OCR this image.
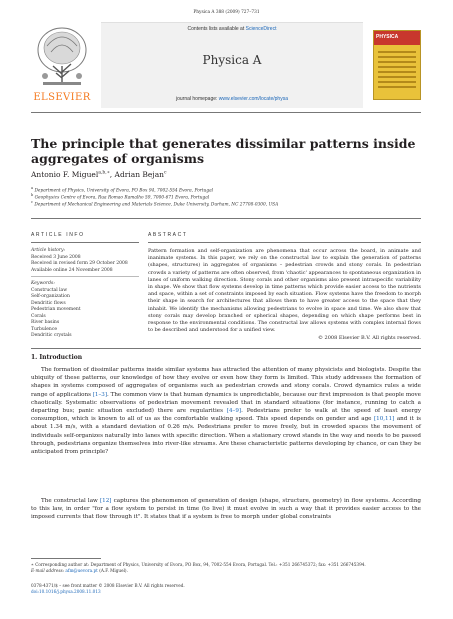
Physica A 388 (2009) 727–731
ELSEVIER
Contents lists available at ScienceDirect
Physica A
journal homepage: www.elsevier.com/locate/physa
PHYSICA
The principle that generates dissimilar patterns inside aggregates of organisms
Antonio F. Miguel$^{a,b,∗}$, Adrian Bejan$^c$
$^a$ Department of Physics, University of Evora, PO Box 94, 7002-554 Evora, Portugal
$^b$ Geophysics Centre of Evora, Rua Romao Ramalho 59, 7000-671 Evora, Portugal
$^c$ Department of Mechanical Engineering and Materials Science, Duke University, Durham, NC 27708-0300, USA
ARTICLE INFO	ABSTRACT
Article history:
Received 3 June 2008
Received in revised form 29 October 2008
Available online 24 November 2008
Keywords:
Constructal law
Self-organization
Dendritic flows
Pedestrian movement
Corals
River basins
Turbulence
Dendritic crystals

Pattern formation and self-organization are phenomena that occur across the board, in animate and inanimate systems. In this paper, we rely on the constructal law to explain the generation of patterns (shapes, structures) in aggregates of organisms – pedestrian crowds and stony corals. In pedestrian crowds a variety of patterns are often observed, from 'chaotic' appearances to spontaneous organization in lanes of uniform walking direction. Stony corals and other organisms also present intraspecific variability in shape. We show that flow systems develop in time patterns which provide easier access to the nutrients and space, within a set of constraints imposed by each situation. Flow systems have the freedom to morph their shape in search for architectures that allows them to have greater access to the space that they inhabit. We identify the mechanisms allowing pedestrians to evolve in space and time. We also show that stony corals may develop branched or spherical shapes, depending on which shape performs best in response to the environmental conditions. The constructal law allows systems with complex internal flows to be described and understood for a unified view.

© 2008 Elsevier B.V. All rights reserved.
1. Introduction

The formation of dissimilar patterns inside similar systems has attracted the attention of many physicists and biologists. Despite the ubiquity of these patterns, our knowledge of how they evolve or even how they form is limited. This study addresses the formation of shapes in systems composed of aggregates of organisms such as pedestrian crowds and stony corals. Crowd dynamics rules a wide range of applications [1–3]. The common view is that human dynamics is unpredictable, because our first impression is that people move chaotically. Systematic observations of pedestrian movement revealed that in standard situations (for instance, running to catch a departing bus; panic situation excluded) there are regularities [4–9]. Pedestrians prefer to walk at the speed of least energy consumption, which is known to all of us as the comfortable walking speed. This speed depends on gender and age [10,11] and it is about 1.34 m/s, with a standard deviation of 0.26 m/s. Pedestrians prefer to move freely, but in crowded spaces the movement of individuals self-organizes naturally into lanes with specific direction. When a stationary crowd stands in the way and needs to be passed through, pedestrians organize themselves into river-like streams. Are these characteristic patterns developing by chance, or can they be anticipated from principle?

The constructal law [12] captures the phenomenon of generation of design (shape, structure, geometry) in flow systems. According to this law, in order "for a flow system to persist in time (to live) it must evolve in such a way that it provides easier access to the imposed currents that flow through it". It states that if a system is free to morph under global constraints

∗ Corresponding author at: Department of Physics, University of Evora, PO Box, 94, 7002-554 Evora, Portugal. Tel.: +351 266745372; fax: +351 266745394.
E-mail address: afm@uevora.pt (A.F. Miguel).
0378-4371/$ – see front matter © 2008 Elsevier B.V. All rights reserved.
doi:10.1016/j.physa.2008.11.013
